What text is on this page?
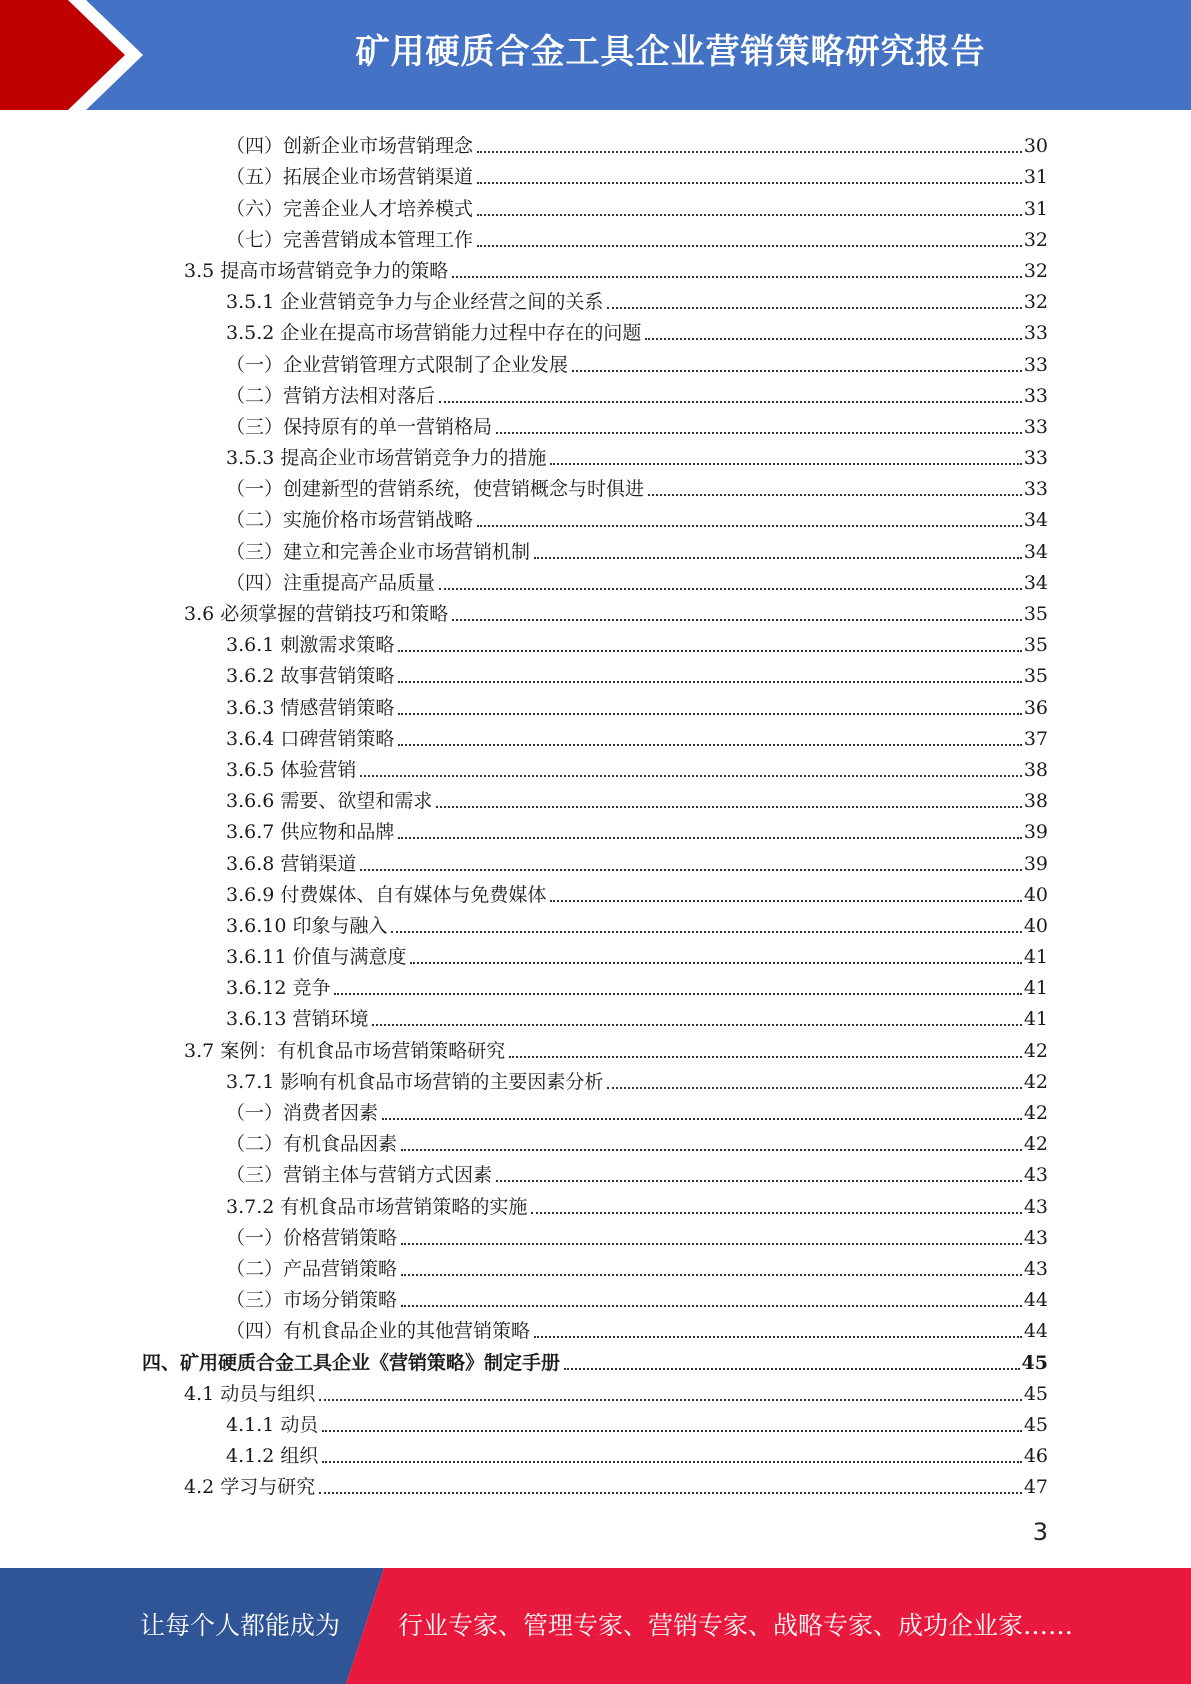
矿用硬质合金工具企业营销策略研究报告
（四）创新企业市场营销理念	30
（五）拓展企业市场营销渠道	31
（六）完善企业人才培养模式	31
（七）完善营销成本管理工作	32
3.5 提高市场营销竞争力的策略	32
3.5.1 企业营销竞争力与企业经营之间的关系	32
3.5.2 企业在提高市场营销能力过程中存在的问题	33
（一）企业营销管理方式限制了企业发展	33
（二）营销方法相对落后	33
（三）保持原有的单一营销格局	33
3.5.3 提高企业市场营销竞争力的措施	33
（一）创建新型的营销系统，使营销概念与时俱进	33
（二）实施价格市场营销战略	34
（三）建立和完善企业市场营销机制	34
（四）注重提高产品质量	34
3.6 必须掌握的营销技巧和策略	35
3.6.1 刺激需求策略	35
3.6.2 故事营销策略	35
3.6.3 情感营销策略	36
3.6.4 口碑营销策略	37
3.6.5 体验营销	38
3.6.6 需要、欲望和需求	38
3.6.7 供应物和品牌	39
3.6.8 营销渠道	39
3.6.9 付费媒体、自有媒体与免费媒体	40
3.6.10 印象与融入	40
3.6.11 价值与满意度	41
3.6.12 竞争	41
3.6.13 营销环境	41
3.7 案例：有机食品市场营销策略研究	42
3.7.1 影响有机食品市场营销的主要因素分析	42
（一）消费者因素	42
（二）有机食品因素	42
（三）营销主体与营销方式因素	43
3.7.2 有机食品市场营销策略的实施	43
（一）价格营销策略	43
（二）产品营销策略	43
（三）市场分销策略	44
（四）有机食品企业的其他营销策略	44
四、矿用硬质合金工具企业《营销策略》制定手册	45
4.1 动员与组织	45
4.1.1 动员	45
4.1.2 组织	46
4.2 学习与研究	47
3
让每个人都能成为 行业专家、管理专家、营销专家、战略专家、成功企业家……
